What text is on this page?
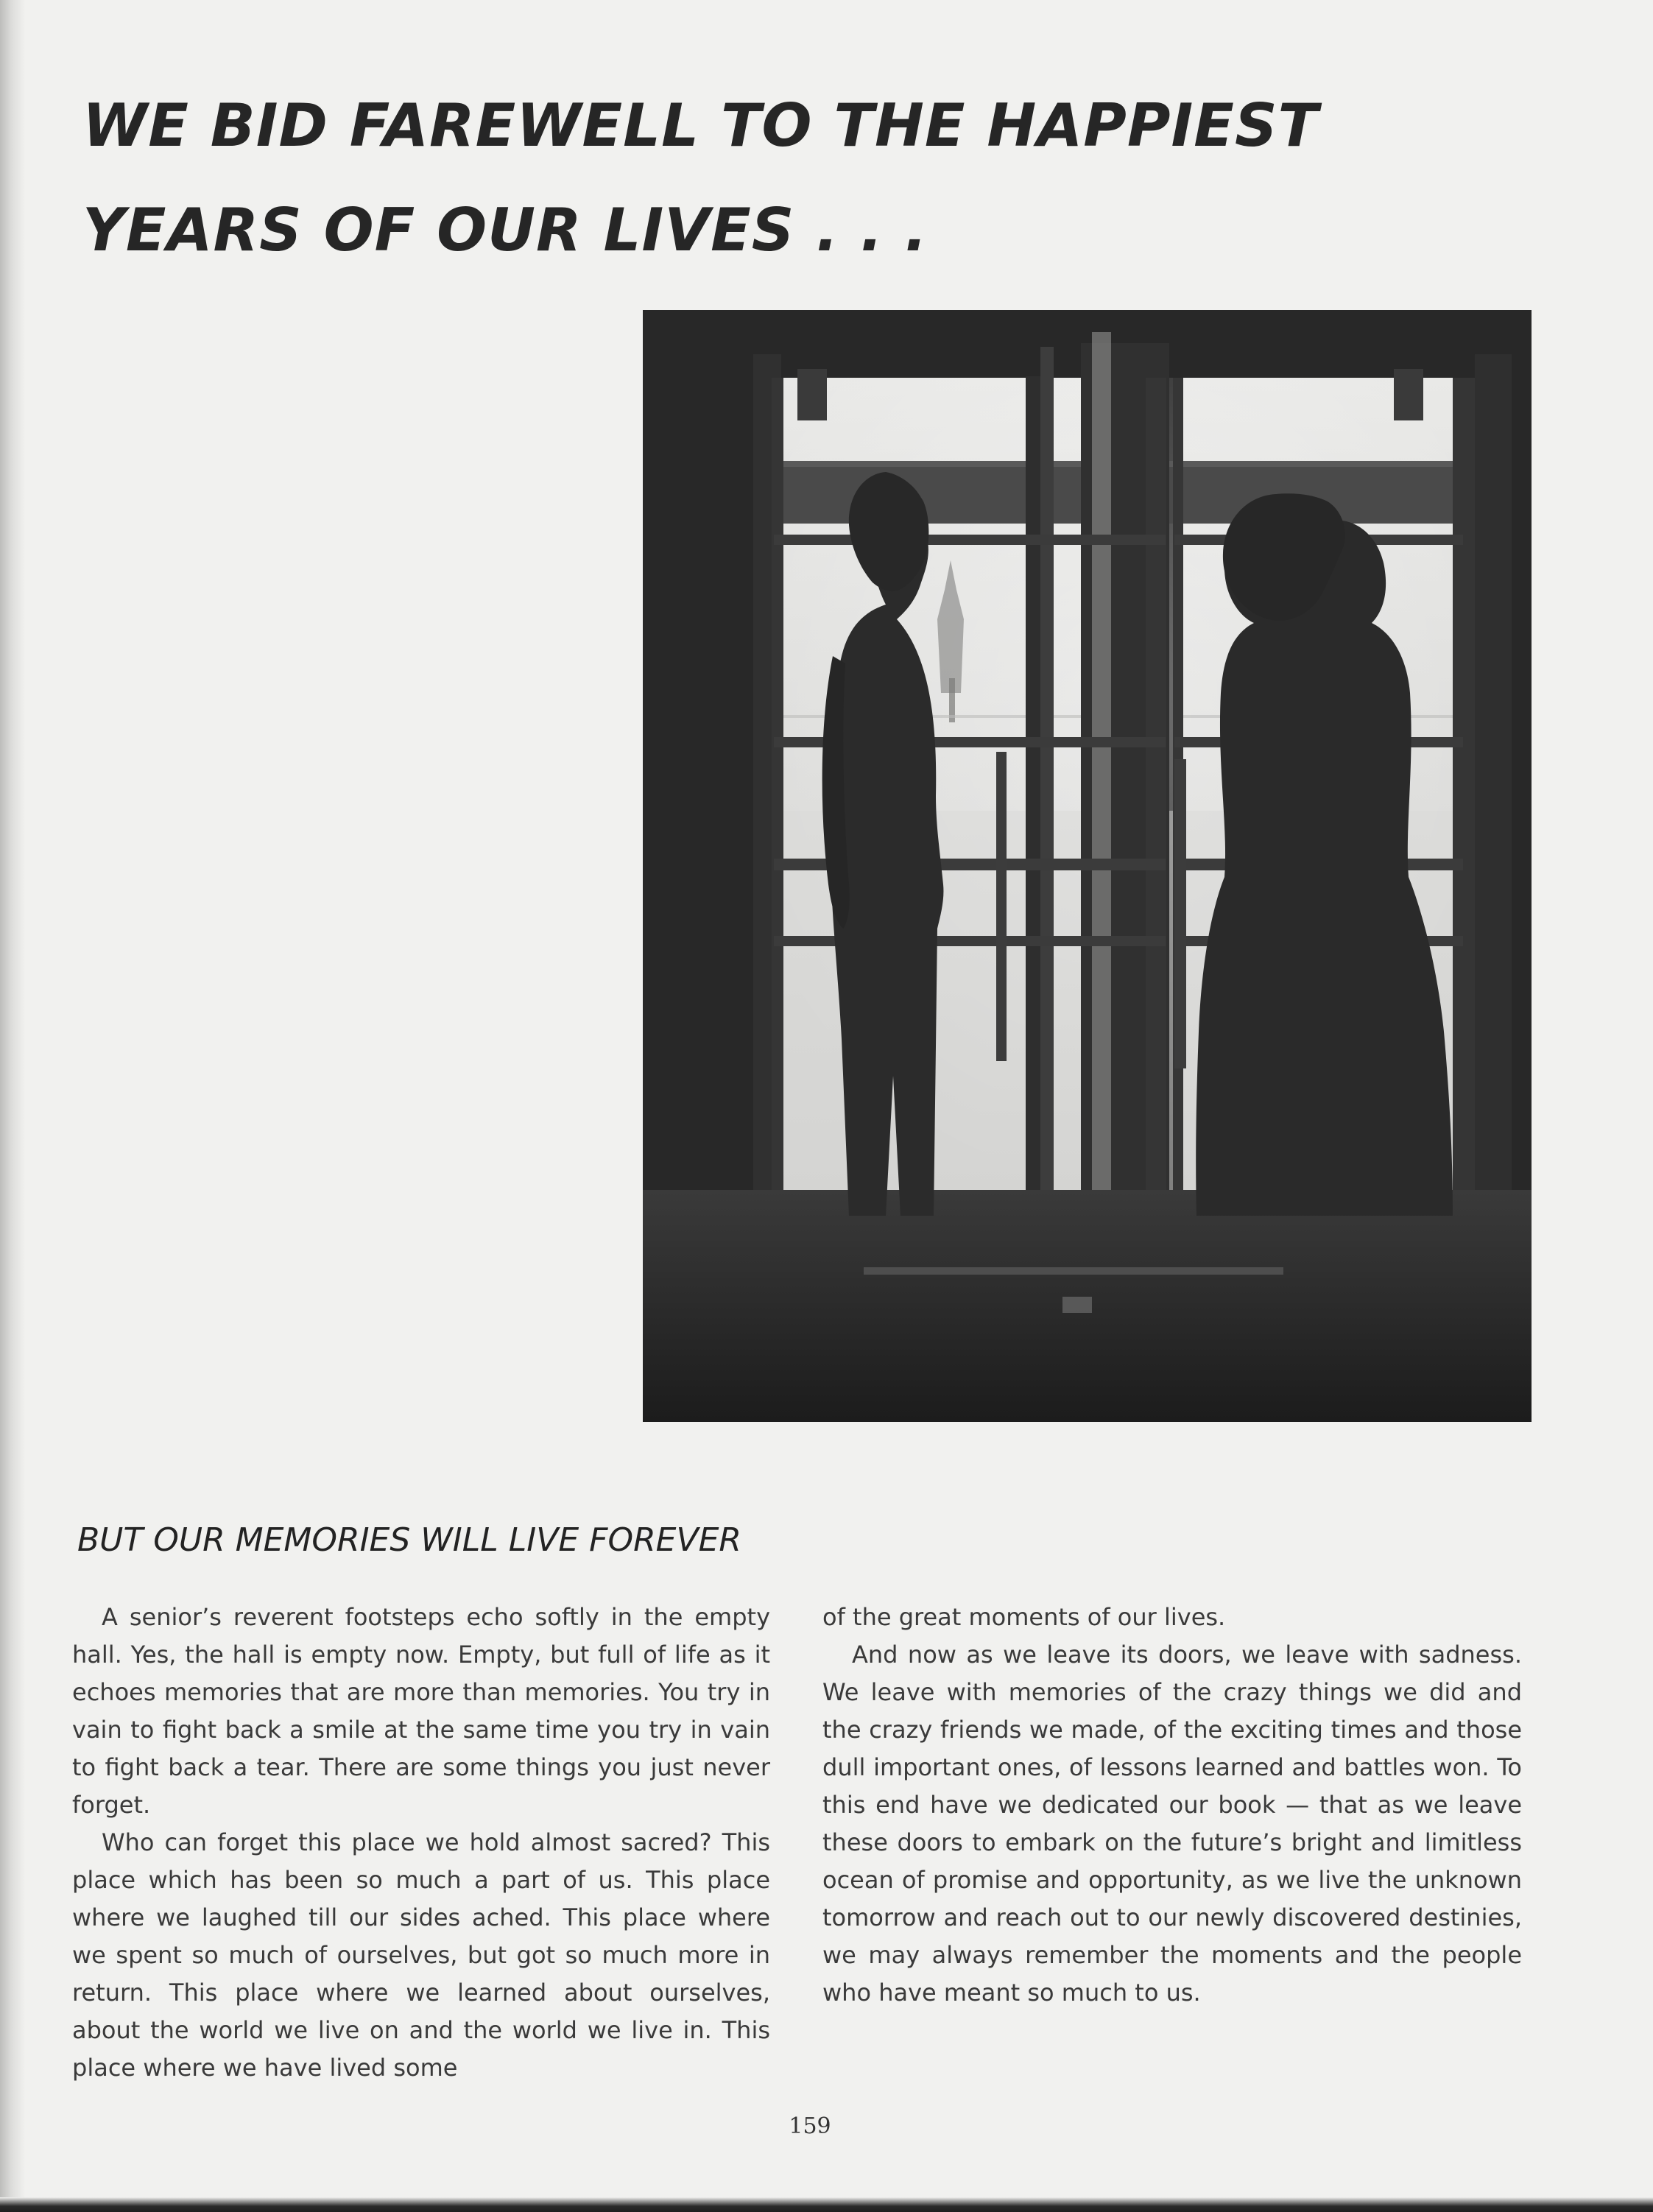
WE BID FAREWELL TO THE HAPPIEST YEARS OF OUR LIVES . . .
BUT OUR MEMORIES WILL LIVE FOREVER

A senior’s reverent footsteps echo softly in the empty hall. Yes, the hall is empty now. Empty, but full of life as it echoes memories that are more than memories. You try in vain to fight back a smile at the same time you try in vain to fight back a tear. There are some things you just never forget.

Who can forget this place we hold almost sacred? This place which has been so much a part of us. This place where we laughed till our sides ached. This place where we spent so much of ourselves, but got so much more in return. This place where we learned about ourselves, about the world we live on and the world we live in. This place where we have lived some

of the great moments of our lives.

And now as we leave its doors, we leave with sadness. We leave with memories of the crazy things we did and the crazy friends we made, of the exciting times and those dull important ones, of lessons learned and battles won. To this end have we dedicated our book — that as we leave these doors to embark on the future’s bright and limitless ocean of promise and opportunity, as we live the unknown tomorrow and reach out to our newly discovered destinies, we may always remember the moments and the people who have meant so much to us.

159
